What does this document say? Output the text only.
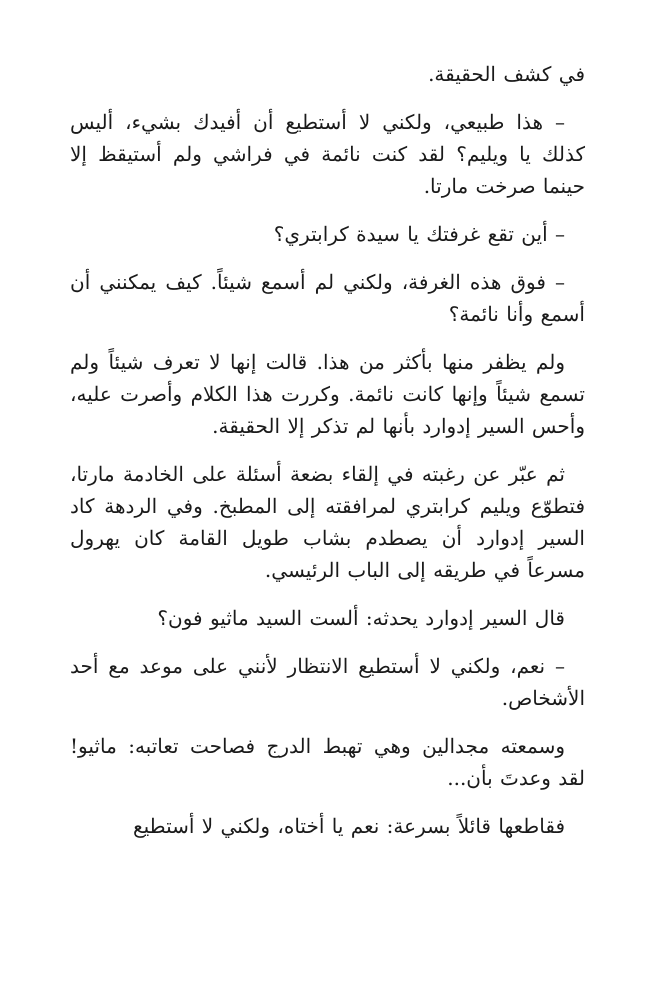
في كشف الحقيقة.

– هذا طبيعي، ولكني لا أستطيع أن أفيدك بشيء، أليس كذلك يا ويليم؟ لقد كنت نائمة في فراشي ولم أستيقظ إلا حينما صرخت مارتا.

– أين تقع غرفتك يا سيدة كرابتري؟

– فوق هذه الغرفة، ولكني لم أسمع شيئاً. كيف يمكنني أن أسمع وأنا نائمة؟

ولم يظفر منها بأكثر من هذا. قالت إنها لا تعرف شيئاً ولم تسمع شيئاً وإنها كانت نائمة. وكررت هذا الكلام وأصرت عليه، وأحس السير إدوارد بأنها لم تذكر إلا الحقيقة.

ثم عبّر عن رغبته في إلقاء بضعة أسئلة على الخادمة مارتا، فتطوّع ويليم كرابتري لمرافقته إلى المطبخ. وفي الردهة كاد السير إدوارد أن يصطدم بشاب طويل القامة كان يهرول مسرعاً في طريقه إلى الباب الرئيسي.

قال السير إدوارد يحدثه: ألست السيد ماثيو فون؟

– نعم، ولكني لا أستطيع الانتظار لأنني على موعد مع أحد الأشخاص.

وسمعته مجدالين وهي تهبط الدرج فصاحت تعاتبه: ماثيو! لقد وعدتَ بأن...

فقاطعها قائلاً بسرعة: نعم يا أختاه، ولكني لا أستطيع
